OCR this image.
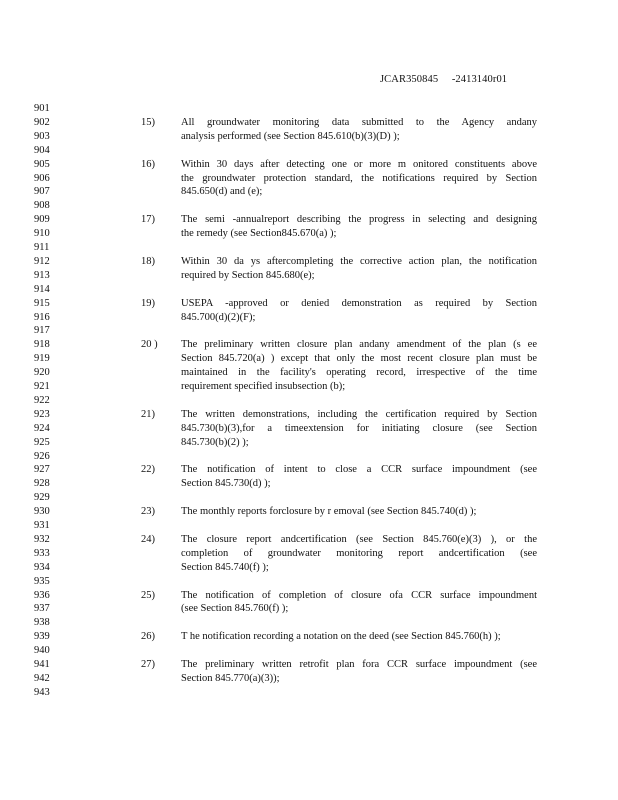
JCAR350845 -2413140r01
901
902
903
904
905
906
907
908
909
910
911
912
913
914
915
916
917
918
919
920
921
922
923
924
925
926
927
928
929
930
931
932
933
934
935
936
937
938
939
940
941
942
943
15) All groundwater monitoring data submitted to the Agency andany
analysis performed (see Section 845.610(b)(3)(D) );
16) Within 30 days after detecting one or more m onitored constituents above
the groundwater protection standard, the notifications required by Section
845.650(d) and (e);
17) The semi -annualreport describing the progress in selecting and designing
the remedy (see Section845.670(a) );
18) Within 30 da ys aftercompleting the corrective action plan, the notification
required by Section 845.680(e);
19) USEPA -approved or denied demonstration as required by Section
845.700(d)(2)(F);
20 ) The preliminary written closure plan andany amendment of the plan (s ee
Section 845.720(a) ) except that only the most recent closure plan must be
maintained in the facility's operating record, irrespective of the time
requirement specified insubsection (b);
21) The written demonstrations, including the certification required by Section
845.730(b)(3),for a timeextension for initiating closure (see Section
845.730(b)(2) );
22) The notification of intent to close a CCR surface impoundment (see
Section 845.730(d) );
23) The monthly reports forclosure by r emoval (see Section 845.740(d) );
24) The closure report andcertification (see Section 845.760(e)(3) ), or the
completion of groundwater monitoring report andcertification (see
Section 845.740(f) );
25) The notification of completion of closure ofa CCR surface impoundment
(see Section 845.760(f) );
26) T he notification recording a notation on the deed (see Section 845.760(h) );
27) The preliminary written retrofit plan fora CCR surface impoundment (see
Section 845.770(a)(3));
